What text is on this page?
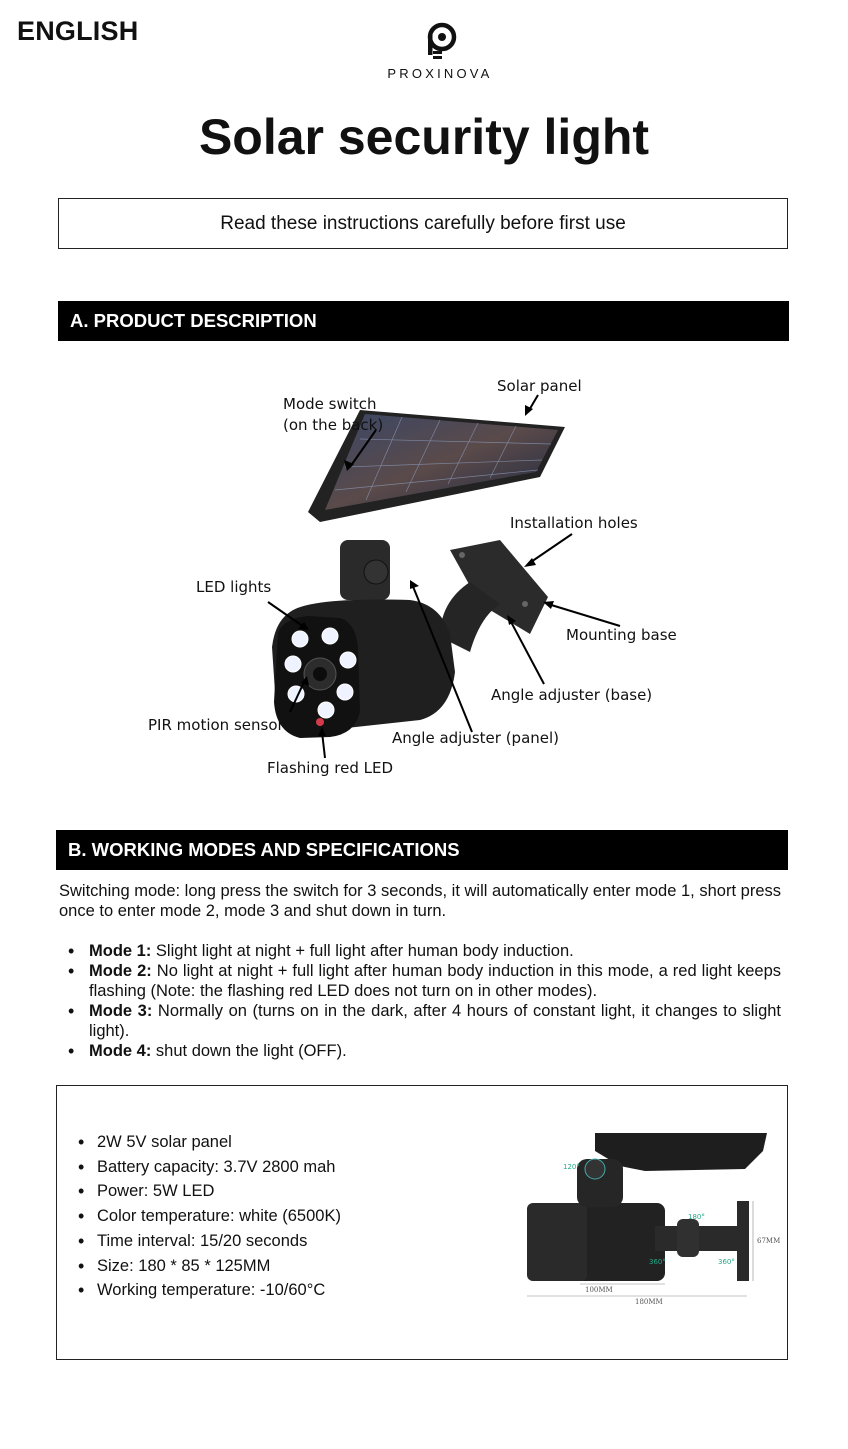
ENGLISH
PROXINOVA
Solar security light
Read these instructions carefully before first use
A. PRODUCT DESCRIPTION
Solar panel
Mode switch
(on the back)
Installation holes
LED lights
Mounting base
Angle adjuster (base)
PIR motion sensor
Angle adjuster (panel)
Flashing red LED
B. WORKING MODES AND SPECIFICATIONS
Switching mode: long press the switch for 3 seconds, it will automatically enter mode 1, short press once to enter mode 2, mode 3 and shut down in turn.
• Mode 1: Slight light at night + full light after human body induction.
• Mode 2: No light at night + full light after human body induction in this mode, a red light keeps flashing (Note: the flashing red LED does not turn on in other modes).
• Mode 3: Normally on (turns on in the dark, after 4 hours of constant light, it changes to slight light).
• Mode 4: shut down the light (OFF).
• 2W 5V solar panel
• Battery capacity: 3.7V 2800 mah
• Power: 5W LED
• Color temperature: white (6500K)
• Time interval: 15/20 seconds
• Size: 180 * 85 * 125MM
• Working temperature: -10/60°C
120°
180°
360°	360°
67MM
100MM
180MM
